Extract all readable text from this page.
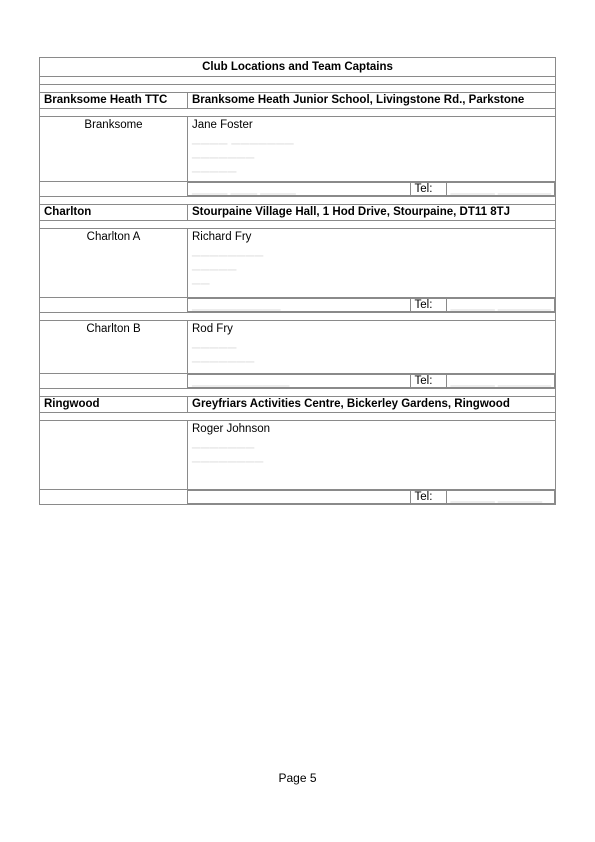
Club Locations and Team Captains

Branksome Heath TTC	Branksome Heath Junior School, Livingstone Rd., Parkstone

Branksome	Jane Foster
▁▁▁▁ ▁▁▁▁▁▁▁
▁▁▁▁▁▁▁
▁▁▁▁▁

▁▁▁▁ ▁▁▁ ▁▁▁▁	Tel:	▁▁▁▁▁ ▁▁▁▁▁▁

Charlton	Stourpaine Village Hall, 1 Hod Drive, Stourpaine, DT11 8TJ

Charlton A	Richard Fry
▁▁▁▁▁▁▁▁
▁▁▁▁▁
▁▁

▁▁▁▁▁▁▁▁▁▁	Tel:	▁▁▁▁▁ ▁▁▁▁▁▁

Charlton B	Rod Fry
▁▁▁▁▁
▁▁▁▁▁▁▁

▁▁▁▁▁▁▁▁▁▁▁	Tel:	▁▁▁▁▁ ▁▁▁▁▁▁

Ringwood	Greyfriars Activities Centre, Bickerley Gardens, Ringwood

	Roger Johnson
▁▁▁▁▁▁▁
▁▁▁▁▁▁▁▁

	Tel:	▁▁▁▁▁ ▁▁▁▁▁
Page 5
